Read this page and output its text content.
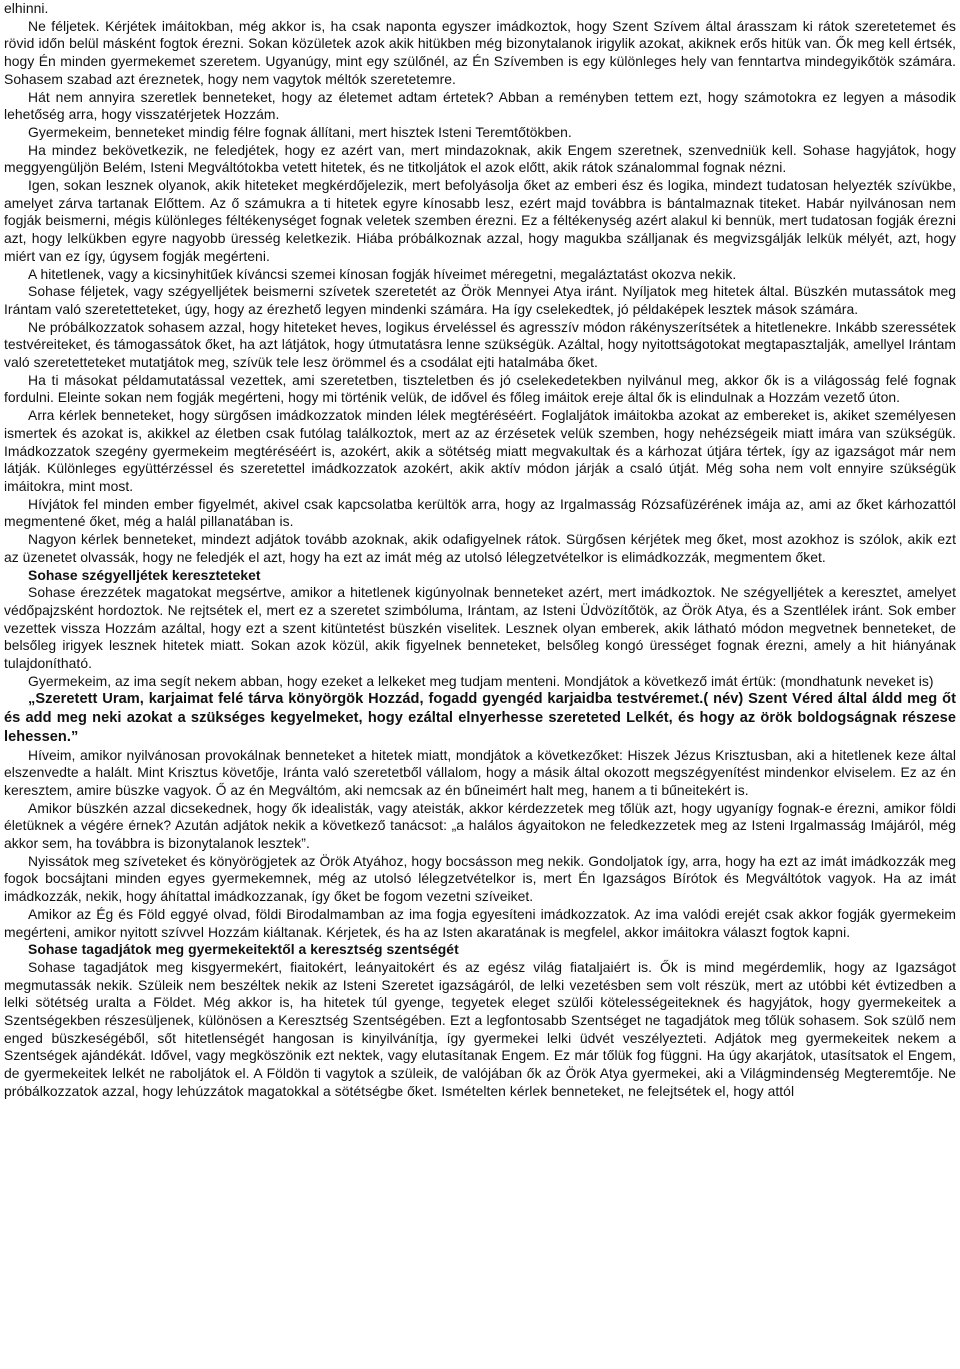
elhinni.

Ne féljetek. Kérjétek imáitokban, még akkor is, ha csak naponta egyszer imádkoztok, hogy Szent Szívem által árasszam ki rátok szeretetemet és rövid időn belül másként fogtok érezni. Sokan közületek azok akik hitükben még bizonytalanok irigylik azokat, akiknek erős hitük van. Ők meg kell értsék, hogy Én minden gyermekemet szeretem. Ugyanúgy, mint egy szülőnél, az Én Szívemben is egy különleges hely van fenntartva mindegyikőtök számára. Sohasem szabad azt éreznetek, hogy nem vagytok méltók szeretetemre.

Hát nem annyira szeretlek benneteket, hogy az életemet adtam értetek? Abban a reményben tettem ezt, hogy számotokra ez legyen a második lehetőség arra, hogy visszatérjetek Hozzám.

Gyermekeim, benneteket mindig félre fognak állítani, mert hisztek Isteni Teremtőtökben.

Ha mindez bekövetkezik, ne feledjétek, hogy ez azért van, mert mindazoknak, akik Engem szeretnek, szenvedniük kell. Sohase hagyjátok, hogy meggyengüljön Belém, Isteni Megváltótokba vetett hitetek, és ne titkoljátok el azok előtt, akik rátok szánalommal fognak nézni.

Igen, sokan lesznek olyanok, akik hiteteket megkérdőjelezik, mert befolyásolja őket az emberi ész és logika, mindezt tudatosan helyezték szívükbe, amelyet zárva tartanak Előttem. Az ő számukra a ti hitetek egyre kínosabb lesz, ezért majd továbbra is bántalmaznak titeket. Habár nyilvánosan nem fogják beismerni, mégis különleges féltékenységet fognak veletek szemben érezni. Ez a féltékenység azért alakul ki bennük, mert tudatosan fogják érezni azt, hogy lelkükben egyre nagyobb üresség keletkezik. Hiába próbálkoznak azzal, hogy magukba szálljanak és megvizsgálják lelkük mélyét, azt, hogy miért van ez így, úgysem fogják megérteni.

A hitetlenek, vagy a kicsinyhitűek kíváncsi szemei kínosan fogják híveimet méregetni, megaláztatást okozva nekik.

Sohase féljetek, vagy szégyelljétek beismerni szívetek szeretetét az Örök Mennyei Atya iránt. Nyíljatok meg hitetek által. Büszkén mutassátok meg Irántam való szeretetteteket, úgy, hogy az érezhető legyen mindenki számára. Ha így cselekedtek, jó példaképek lesztek mások számára.

Ne próbálkozzatok sohasem azzal, hogy hiteteket heves, logikus érveléssel és agresszív módon rákényszerítsétek a hitetlenekre. Inkább szeressétek testvéreiteket, és támogassátok őket, ha azt látjátok, hogy útmutatásra lenne szükségük. Azáltal, hogy nyitottságotokat megtapasztalják, amellyel Irántam való szeretetteteket mutatjátok meg, szívük tele lesz örömmel és a csodálat ejti hatalmába őket.

Ha ti másokat példamutatással vezettek, ami szeretetben, tiszteletben és jó cselekedetekben nyilvánul meg, akkor ők is a világosság felé fognak fordulni. Eleinte sokan nem fogják megérteni, hogy mi történik velük, de idővel és főleg imáitok ereje által ők is elindulnak a Hozzám vezető úton.

Arra kérlek benneteket, hogy sürgősen imádkozzatok minden lélek megtéréséért. Foglaljátok imáitokba azokat az embereket is, akiket személyesen ismertek és azokat is, akikkel az életben csak futólag találkoztok, mert az az érzésetek velük szemben, hogy nehézségeik miatt imára van szükségük. Imádkozzatok szegény gyermekeim megtéréséért is, azokért, akik a sötétség miatt megvakultak és a kárhozat útjára tértek, így az igazságot már nem látják. Különleges együttérzéssel és szeretettel imádkozzatok azokért, akik aktív módon járják a csaló útját. Még soha nem volt ennyire szükségük imáitokra, mint most.

Hívjátok fel minden ember figyelmét, akivel csak kapcsolatba kerültök arra, hogy az Irgalmasság Rózsafüzérének imája az, ami az őket kárhozattól megmentené őket, még a halál pillanatában is.

Nagyon kérlek benneteket, mindezt adjátok tovább azoknak, akik odafigyelnek rátok. Sürgősen kérjétek meg őket, most azokhoz is szólok, akik ezt az üzenetet olvassák, hogy ne feledjék el azt, hogy ha ezt az imát még az utolsó lélegzetvételkor is elimádkozzák, megmentem őket.

Sohase szégyelljétek kereszteteket

Sohase érezzétek magatokat megsértve, amikor a hitetlenek kigúnyolnak benneteket azért, mert imádkoztok. Ne szégyelljétek a keresztet, amelyet védőpajzsként hordoztok. Ne rejtsétek el, mert ez a szeretet szimbóluma, Irántam, az Isteni Üdvözítőtök, az Örök Atya, és a Szentlélek iránt. Sok ember vezettek vissza Hozzám azáltal, hogy ezt a szent kitüntetést büszkén viselitek. Lesznek olyan emberek, akik látható módon megvetnek benneteket, de belsőleg irigyek lesznek hitetek miatt. Sokan azok közül, akik figyelnek benneteket, belsőleg kongó ürességet fognak érezni, amely a hit hiányának tulajdonítható.

Gyermekeim, az ima segít nekem abban, hogy ezeket a lelkeket meg tudjam menteni. Mondjátok a következő imát értük: (mondhatunk neveket is)

„Szeretett Uram, karjaimat felé tárva könyörgök Hozzád, fogadd gyengéd karjaidba testvéremet.( név) Szent Véred által áldd meg őt és add meg neki azokat a szükséges kegyelmeket, hogy ezáltal elnyerhesse szereteted Lelkét, és hogy az örök boldogságnak részese lehessen.”

Híveim, amikor nyilvánosan provokálnak benneteket a hitetek miatt, mondjátok a következőket: Hiszek Jézus Krisztusban, aki a hitetlenek keze által elszenvedte a halált. Mint Krisztus követője, Iránta való szeretetből vállalom, hogy a másik által okozott megszégyenítést mindenkor elviselem. Ez az én keresztem, amire büszke vagyok. Ő az én Megváltóm, aki nemcsak az én bűneimért halt meg, hanem a ti bűneitekért is.

Amikor büszkén azzal dicsekednek, hogy ők idealisták, vagy ateisták, akkor kérdezzetek meg tőlük azt, hogy ugyanígy fognak-e érezni, amikor földi életüknek a végére érnek? Azután adjátok nekik a következő tanácsot: „a halálos ágyaitokon ne feledkezzetek meg az Isteni Irgalmasság Imájáról, még akkor sem, ha továbbra is bizonytalanok lesztek”.

Nyissátok meg szíveteket és könyörögjetek az Örök Atyához, hogy bocsásson meg nekik. Gondoljatok így, arra, hogy ha ezt az imát imádkozzák meg fogok bocsájtani minden egyes gyermekemnek, még az utolsó lélegzetvételkor is, mert Én Igazságos Bírótok és Megváltótok vagyok. Ha az imát imádkozzák, nekik, hogy áhítattal imádkozzanak, így őket be fogom vezetni szíveiket.

Amikor az Ég és Föld eggyé olvad, földi Birodalmamban az ima fogja egyesíteni imádkozzatok. Az ima valódi erejét csak akkor fogják gyermekeim megérteni, amikor nyitott szívvel Hozzám kiáltanak. Kérjetek, és ha az Isten akaratának is megfelel, akkor imáitokra választ fogtok kapni.

Sohase tagadjátok meg gyermekeitektől a keresztség szentségét

Sohase tagadjátok meg kisgyermekért, fiaitokért, leányaitokért és az egész világ fiataljaiért is. Ők is mind megérdemlik, hogy az Igazságot megmutassák nekik. Szüleik nem beszéltek nekik az Isteni Szeretet igazságáról, de lelki vezetésben sem volt részük, mert az utóbbi két évtizedben a lelki sötétség uralta a Földet. Még akkor is, ha hitetek túl gyenge, tegyetek eleget szülői kötelességeiteknek és hagyjátok, hogy gyermekeitek a Szentségekben részesüljenek, különösen a Keresztség Szentségében. Ezt a legfontosabb Szentséget ne tagadjátok meg tőlük sohasem. Sok szülő nem enged büszkeségéből, sőt hitetlenségét hangosan is kinyilvánítja, így gyermekei lelki üdvét veszélyezteti. Adjátok meg gyermekeitek nekem a Szentségek ajándékát. Idővel, vagy megköszönik ezt nektek, vagy elutasítanak Engem. Ez már tőlük fog függni. Ha úgy akarjátok, utasítsatok el Engem, de gyermekeitek lelkét ne raboljátok el. A Földön ti vagytok a szüleik, de valójában ők az Örök Atya gyermekei, aki a Világmindenség Megteremtője. Ne próbálkozzatok azzal, hogy lehúzzátok magatokkal a sötétségbe őket. Ismételten kérlek benneteket, ne felejtsétek el, hogy attól
